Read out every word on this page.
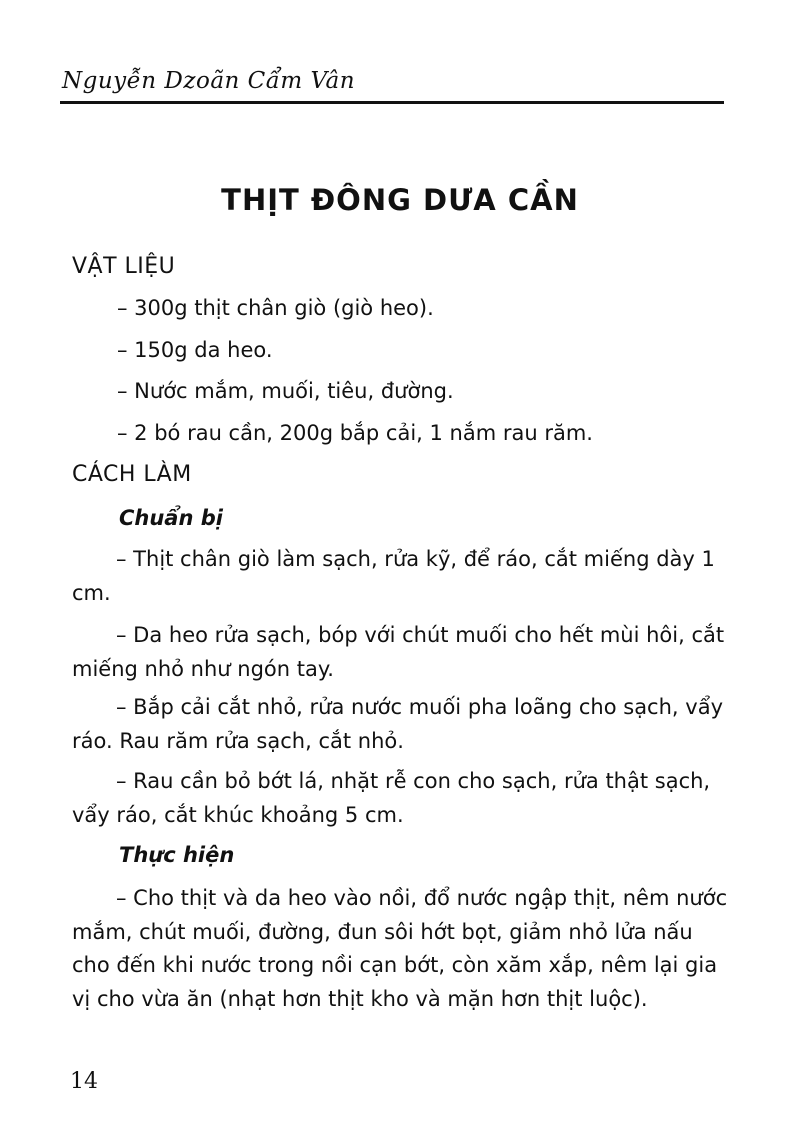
Nguyễn Dzoãn Cẩm Vân
THỊT ĐÔNG DƯA CẦN
VẬT LIỆU
– 300g thịt chân giò (giò heo).
– 150g da heo.
– Nước mắm, muối, tiêu, đường.
– 2 bó rau cần, 200g bắp cải, 1 nắm rau răm.
CÁCH LÀM
Chuẩn bị

– Thịt chân giò làm sạch, rửa kỹ, để ráo, cắt miếng dày 1 cm.

– Da heo rửa sạch, bóp với chút muối cho hết mùi hôi, cắt miếng nhỏ như ngón tay.

– Bắp cải cắt nhỏ, rửa nước muối pha loãng cho sạch, vẩy ráo. Rau răm rửa sạch, cắt nhỏ.

– Rau cần bỏ bớt lá, nhặt rễ con cho sạch, rửa thật sạch, vẩy ráo, cắt khúc khoảng 5 cm.

Thực hiện

– Cho thịt và da heo vào nồi, đổ nước ngập thịt, nêm nước mắm, chút muối, đường, đun sôi hớt bọt, giảm nhỏ lửa nấu cho đến khi nước trong nồi cạn bớt, còn xăm xắp, nêm lại gia vị cho vừa ăn (nhạt hơn thịt kho và mặn hơn thịt luộc).

14
